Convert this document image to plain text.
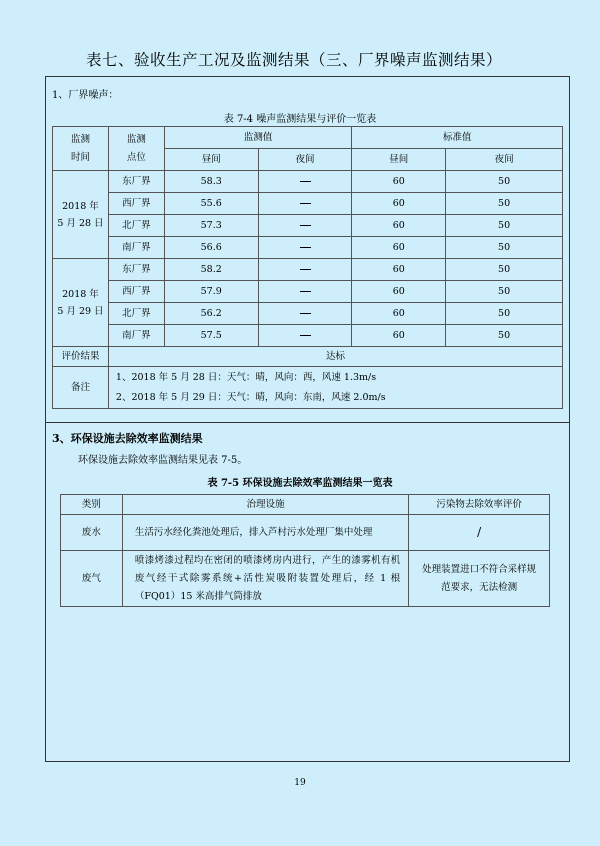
表七、验收生产工况及监测结果（三、厂界噪声监测结果）
1、厂界噪声：
表 7-4 噪声监测结果与评价一览表
监测
时间	监测
点位	监测值		标准值	
		昼间	夜间	昼间	夜间
2018 年
5 月 28 日	东厂界	58.3		60	50
	西厂界	55.6		60	50
	北厂界	57.3		60	50
	南厂界	56.6		60	50
2018 年
5 月 29 日	东厂界	58.2		60	50
	西厂界	57.9		60	50
	北厂界	56.2		60	50
	南厂界	57.5		60	50
评价结果	达标				
备注	1、2018 年 5 月 28 日：天气：晴，风向：西，风速 1.3m/s
2、2018 年 5 月 29 日：天气：晴，风向：东南，风速 2.0m/s				
3、环保设施去除效率监测结果
环保设施去除效率监测结果见表 7-5。
表 7-5 环保设施去除效率监测结果一览表
类别	治理设施	污染物去除效率评价
废水	生活污水经化粪池处理后，排入芦村污水处理厂集中处理	/
废气	喷漆烤漆过程均在密闭的喷漆烤房内进行，产生的漆雾机有机废气经干式除雾系统+活性炭吸附装置处理后，经 1 根（FQ01）15 米高排气筒排放	处理装置进口不符合采样规范要求，无法检测
19
